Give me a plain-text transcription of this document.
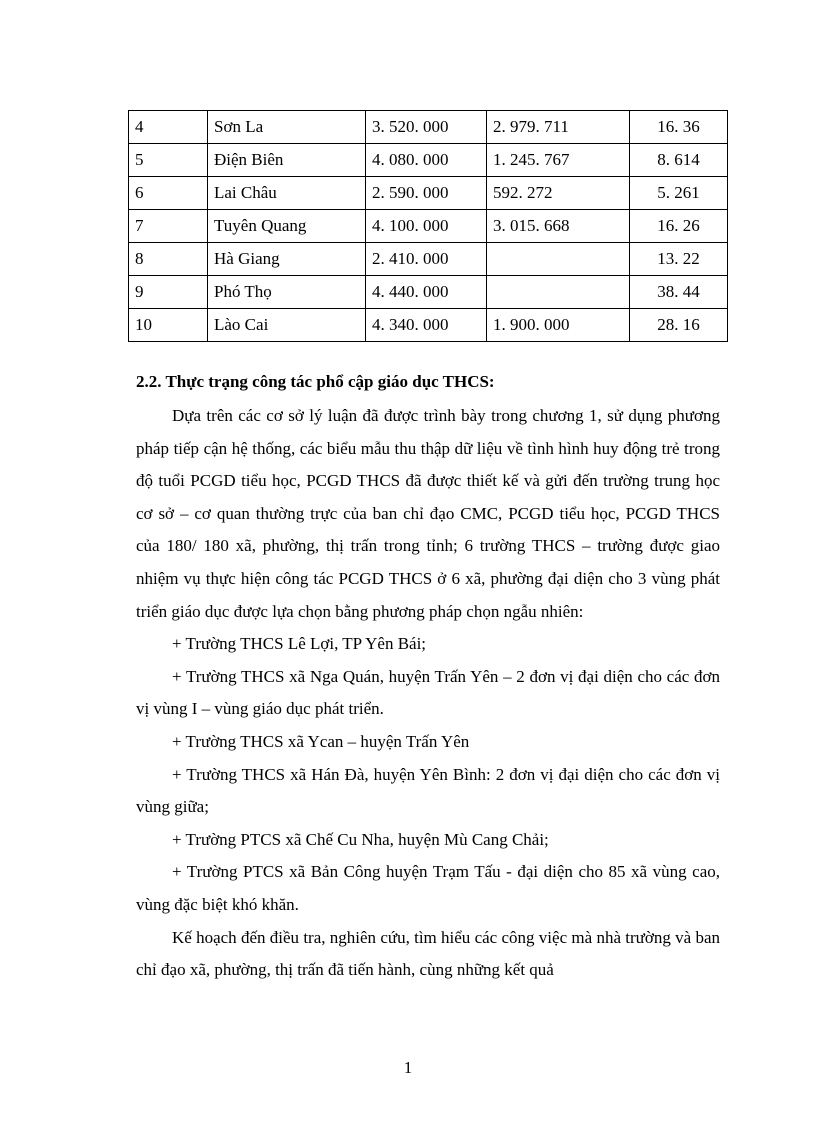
4	Sơn La	3. 520. 000	2. 979. 711	16. 36
5	Điện Biên	4. 080. 000	1. 245. 767	8. 614
6	Lai Châu	2. 590. 000	592. 272	5. 261
7	Tuyên Quang	4. 100. 000	3. 015. 668	16. 26
8	Hà Giang	2. 410. 000		13. 22
9	Phó Thọ	4. 440. 000		38. 44
10	Lào Cai	4. 340. 000	1. 900. 000	28. 16
2.2. Thực trạng công tác phổ cập giáo dục THCS:

Dựa trên các cơ sở lý luận đã được trình bày trong chương 1, sử dụng phương pháp tiếp cận hệ thống, các biểu mẫu thu thập dữ liệu về tình hình huy động trẻ trong độ tuổi PCGD tiểu học, PCGD THCS đã được thiết kế và gửi đến trường trung học cơ sở – cơ quan thường trực của ban chỉ đạo CMC, PCGD tiểu học, PCGD THCS của 180/ 180 xã, phường, thị trấn trong tỉnh; 6 trường THCS – trường được giao nhiệm vụ thực hiện công tác PCGD THCS ở 6 xã, phường đại diện cho 3 vùng phát triển giáo dục được lựa chọn bằng phương pháp chọn ngẫu nhiên:

+ Trường THCS Lê Lợi, TP Yên Bái;

+ Trường THCS xã Nga Quán, huyện Trấn Yên – 2 đơn vị đại diện cho các đơn vị vùng I – vùng giáo dục phát triển.

+ Trường THCS xã Ycan – huyện Trấn Yên

+ Trường THCS xã Hán Đà, huyện Yên Bình: 2 đơn vị đại diện cho các đơn vị vùng giữa;

+ Trường PTCS xã Chế Cu Nha, huyện Mù Cang Chải;

+ Trường PTCS xã Bản Công huyện Trạm Tấu - đại diện cho 85 xã vùng cao, vùng đặc biệt khó khăn.

Kế hoạch đến điều tra, nghiên cứu, tìm hiểu các công việc mà nhà trường và ban chỉ đạo xã, phường, thị trấn đã tiến hành, cùng những kết quả

1
